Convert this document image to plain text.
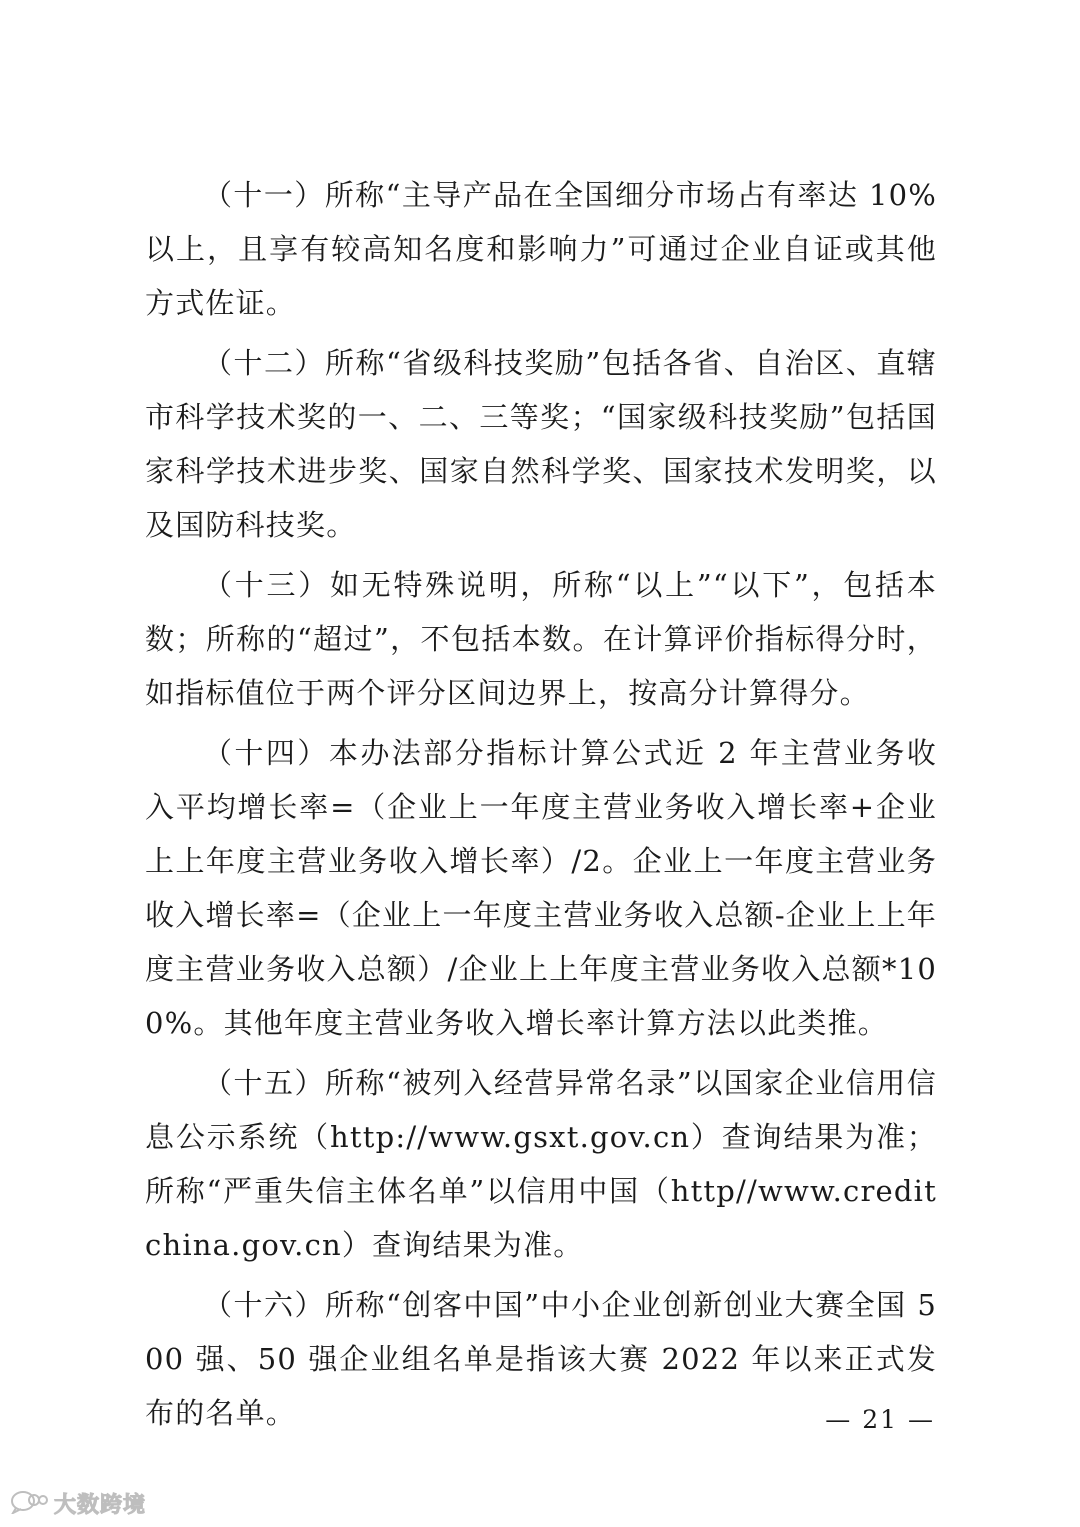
（十一）所称“主导产品在全国细分市场占有率达 10%以上，且享有较高知名度和影响力”可通过企业自证或其他方式佐证。

（十二）所称“省级科技奖励”包括各省、自治区、直辖市科学技术奖的一、二、三等奖；“国家级科技奖励”包括国家科学技术进步奖、国家自然科学奖、国家技术发明奖，以及国防科技奖。

（十三）如无特殊说明，所称“以上”“以下”，包括本数；所称的“超过”，不包括本数。在计算评价指标得分时，如指标值位于两个评分区间边界上，按高分计算得分。

（十四）本办法部分指标计算公式近 2 年主营业务收入平均增长率=（企业上一年度主营业务收入增长率+企业上上年度主营业务收入增长率）/2。企业上一年度主营业务收入增长率=（企业上一年度主营业务收入总额-企业上上年度主营业务收入总额）/企业上上年度主营业务收入总额*100%。其他年度主营业务收入增长率计算方法以此类推。

（十五）所称“被列入经营异常名录”以国家企业信用信息公示系统（http://www.gsxt.gov.cn）查询结果为准；所称“严重失信主体名单”以信用中国（http//www.creditchina.gov.cn）查询结果为准。

（十六）所称“创客中国”中小企业创新创业大赛全国 500 强、50 强企业组名单是指该大赛 2022 年以来正式发布的名单。	— 21 —
大数跨境
